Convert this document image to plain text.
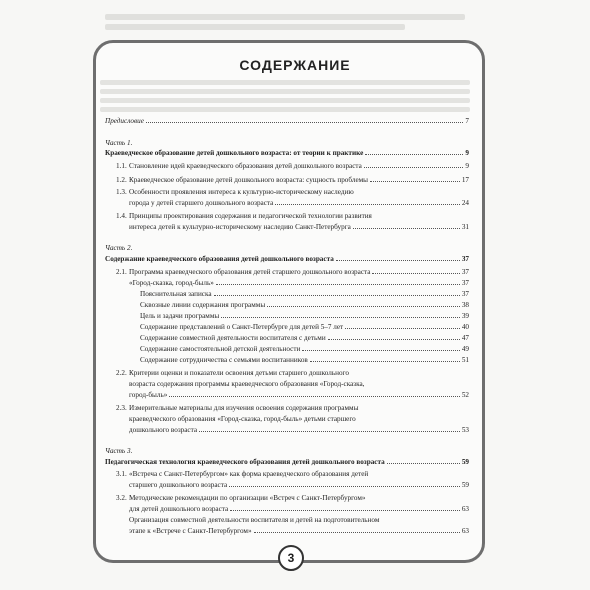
СОДЕРЖАНИЕ
Предисловие	7
Часть 1.
Краеведческое образование детей дошкольного возраста: от теории к практике	9
1.1. Становление идей краеведческого образования детей дошкольного возраста	9
1.2. Краеведческое образование детей дошкольного возраста: сущность проблемы	17
1.3. Особенности проявления интереса к культурно-историческому наследию
города у детей старшего дошкольного возраста	24
1.4. Принципы проектирования содержания и педагогической технологии развития
интереса детей к культурно-историческому наследию Санкт-Петербурга	31
Часть 2.
Содержание краеведческого образования детей дошкольного возраста	37
2.1. Программа краеведческого образования детей старшего дошкольного возраста	37
«Город-сказка, город-быль»	37
Пояснительная записка	37
Сквозные линии содержания программы	38
Цель и задачи программы	39
Содержание представлений о Санкт-Петербурге для детей 5–7 лет	40
Содержание совместной деятельности воспитателя с детьми	47
Содержание самостоятельной детской деятельности	49
Содержание сотрудничества с семьями воспитанников	51
2.2. Критерии оценки и показатели освоения детьми старшего дошкольного
возраста содержания программы краеведческого образования «Город-сказка,
город-быль»	52
2.3. Измерительные материалы для изучения освоения содержания программы
краеведческого образования «Город-сказка, город-быль» детьми старшего
дошкольного возраста	53
Часть 3.
Педагогическая технология краеведческого образования детей дошкольного возраста	59
3.1. «Встреча с Санкт-Петербургом» как форма краеведческого образования детей
старшего дошкольного возраста	59
3.2. Методические рекомендации по организации «Встреч с Санкт-Петербургом»
для детей дошкольного возраста	63
Организация совместной деятельности воспитателя и детей на подготовительном
этапе к «Встрече с Санкт-Петербургом»	63
3
